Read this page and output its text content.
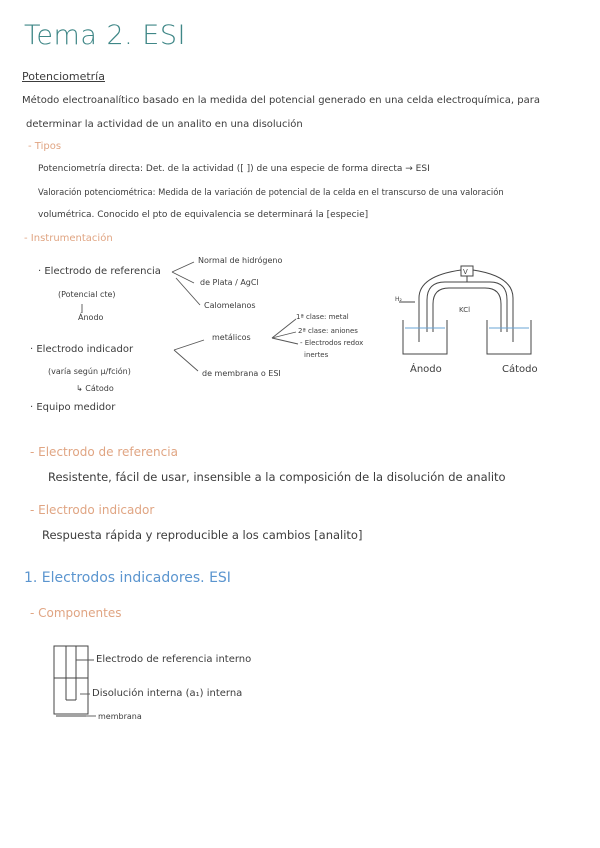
Tema 2. ESI
Potenciometría
Método electroanalítico basado en la medida del potencial generado en una celda electroquímica, para
determinar la actividad de un analito en una disolución
- Tipos
Potenciometría directa: Det. de la actividad ([ ]) de una especie de forma directa → ESI
Valoración potenciométrica: Medida de la variación de potencial de la celda en el transcurso de una valoración
volumétrica. Conocido el pto de equivalencia se determinará la [especie]
- Instrumentación
· Electrodo de referencia
(Potencial cte)
Ánodo
Normal de hidrógeno
de Plata / AgCl
Calomelanos
· Electrodo indicador
(varía según μ/fción)
↳ Cátodo
metálicos
de membrana o ESI
1ª clase: metal
2ª clase: aniones
- Electrodos redox
inertes
· Equipo medidor
V
KCl
H₂
Ánodo	Cátodo
- Electrodo de referencia
Resistente, fácil de usar, insensible a la composición de la disolución de analito
- Electrodo indicador
Respuesta rápida y reproducible a los cambios [analito]
1. Electrodos indicadores. ESI
- Componentes
Electrodo de referencia interno
Disolución interna (a₁) interna
membrana
